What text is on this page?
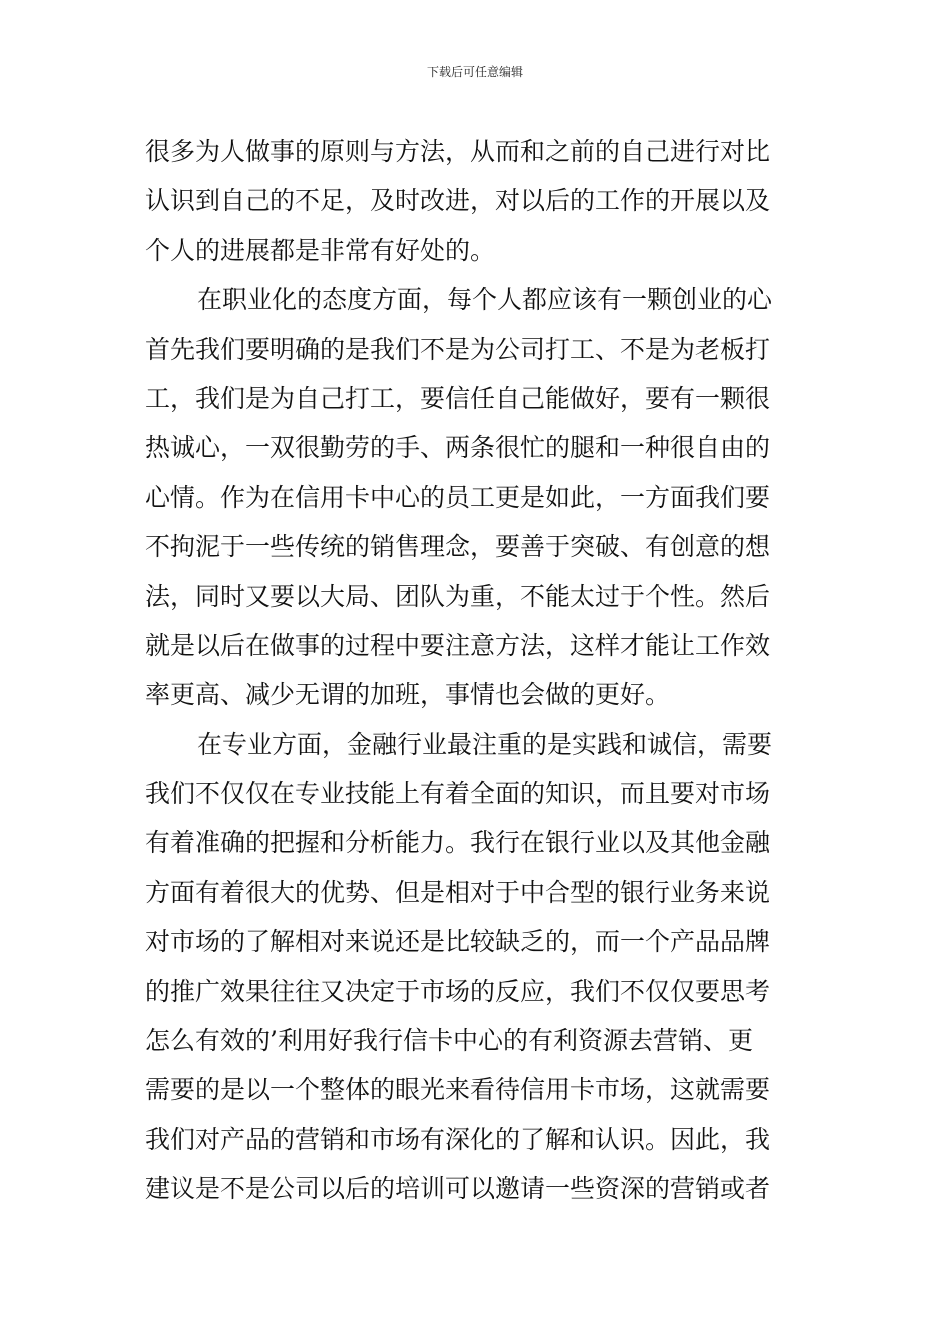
下载后可任意编辑
很多为人做事的原则与方法，从而和之前的自己进行对比
认识到自己的不足，及时改进，对以后的工作的开展以及
个人的进展都是非常有好处的。
在职业化的态度方面，每个人都应该有一颗创业的心
首先我们要明确的是我们不是为公司打工、不是为老板打
工，我们是为自己打工，要信任自己能做好，要有一颗很
热诚心，一双很勤劳的手、两条很忙的腿和一种很自由的
心情。作为在信用卡中心的员工更是如此，一方面我们要
不拘泥于一些传统的销售理念，要善于突破、有创意的想
法，同时又要以大局、团队为重，不能太过于个性。然后
就是以后在做事的过程中要注意方法，这样才能让工作效
率更高、减少无谓的加班，事情也会做的更好。
在专业方面，金融行业最注重的是实践和诚信，需要
我们不仅仅在专业技能上有着全面的知识，而且要对市场
有着准确的把握和分析能力。我行在银行业以及其他金融
方面有着很大的优势、但是相对于中合型的银行业务来说
对市场的了解相对来说还是比较缺乏的，而一个产品品牌
的推广效果往往又决定于市场的反应，我们不仅仅要思考
怎么有效的’利用好我行信卡中心的有利资源去营销、更
需要的是以一个整体的眼光来看待信用卡市场，这就需要
我们对产品的营销和市场有深化的了解和认识。因此，我
建议是不是公司以后的培训可以邀请一些资深的营销或者
